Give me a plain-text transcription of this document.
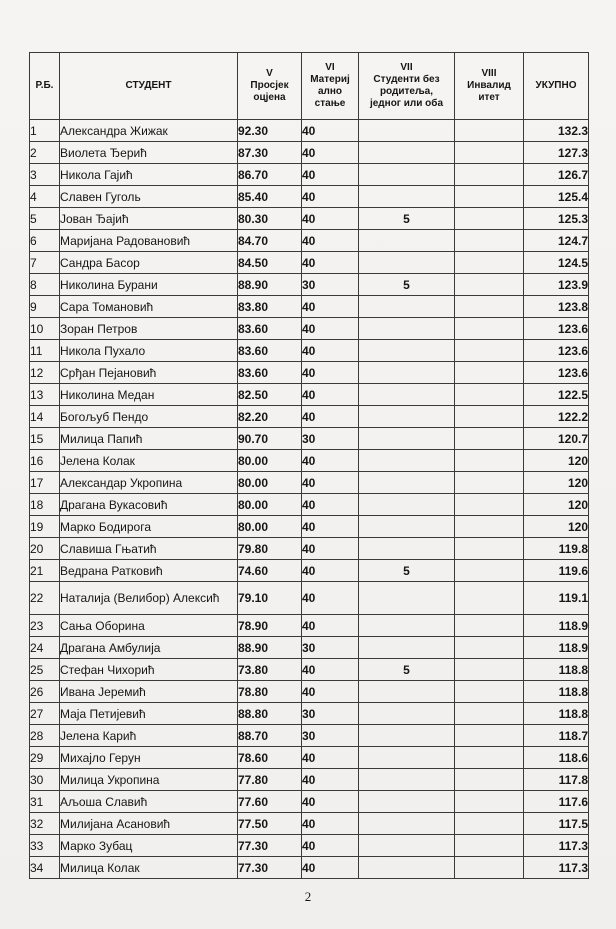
Р.Б.	СТУДЕНТ	V
Просјек
оцјена	VI
Материј
ално
стање	VII
Студенти без
родитеља,
једног или оба	VIII
Инвалид
итет	УКУПНО
1	Александра Жижак	92.30	40			132.3
2	Виолета Ђерић	87.30	40			127.3
3	Никола Гајић	86.70	40			126.7
4	Славен Гуголь	85.40	40			125.4
5	Јован Ђајић	80.30	40	5		125.3
6	Маријана Радовановић	84.70	40			124.7
7	Сандра Басор	84.50	40			124.5
8	Николина Бурани	88.90	30	5		123.9
9	Сара Томановић	83.80	40			123.8
10	Зоран Петров	83.60	40			123.6
11	Никола Пухало	83.60	40			123.6
12	Срђан Пејановић	83.60	40			123.6
13	Николина Медан	82.50	40			122.5
14	Богољуб Пендо	82.20	40			122.2
15	Милица Папић	90.70	30			120.7
16	Јелена Колак	80.00	40			120
17	Александар Укропина	80.00	40			120
18	Драгана Вукасовић	80.00	40			120
19	Марко Бодирога	80.00	40			120
20	Славиша Гњатић	79.80	40			119.8
21	Ведрана Ратковић	74.60	40	5		119.6
22	Наталија (Велибор) Алексић	79.10	40			119.1
23	Сања Оборина	78.90	40			118.9
24	Драгана Амбулија	88.90	30			118.9
25	Стефан Чихорић	73.80	40	5		118.8
26	Ивана Јеремић	78.80	40			118.8
27	Маја Петијевић	88.80	30			118.8
28	Јелена Карић	88.70	30			118.7
29	Михајло Герун	78.60	40			118.6
30	Милица Укропина	77.80	40			117.8
31	Аљоша Славић	77.60	40			117.6
32	Милијана Асановић	77.50	40			117.5
33	Марко Зубац	77.30	40			117.3
34	Милица Колак	77.30	40			117.3
2
